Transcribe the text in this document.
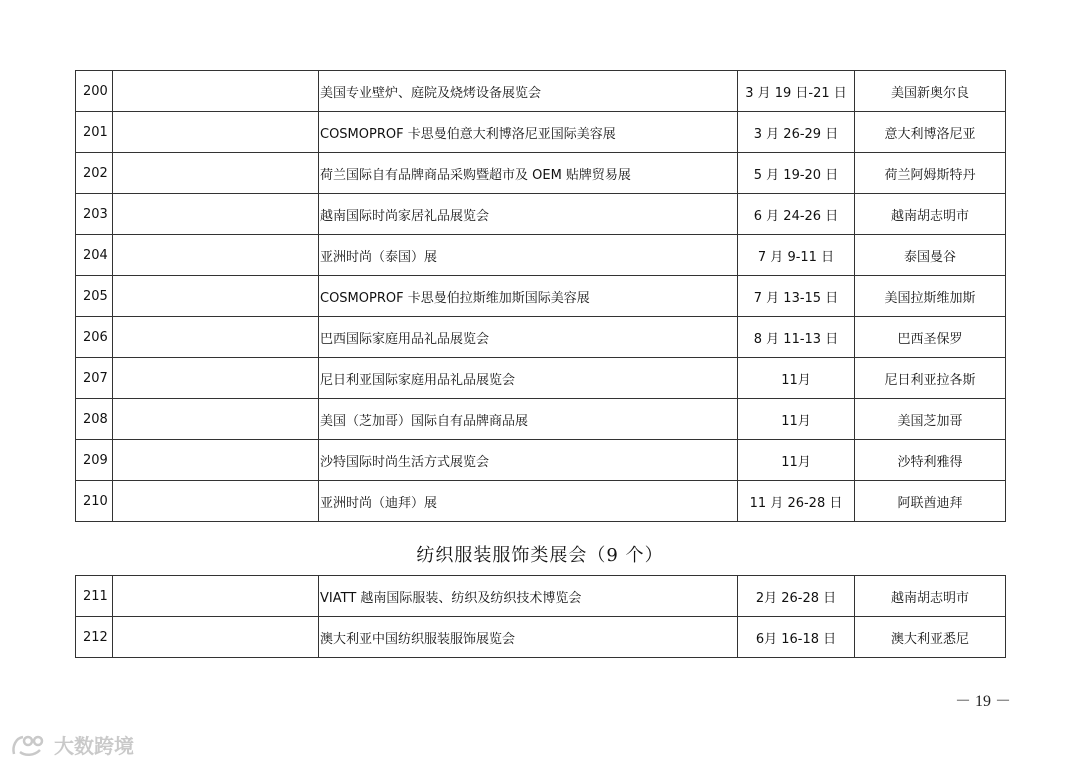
200		美国专业壁炉、庭院及烧烤设备展览会	3 月 19 日-21 日	美国新奥尔良
201		COSMOPROF 卡思曼伯意大利博洛尼亚国际美容展	3 月 26-29 日	意大利博洛尼亚
202		荷兰国际自有品牌商品采购暨超市及 OEM 贴牌贸易展	5 月 19-20 日	荷兰阿姆斯特丹
203		越南国际时尚家居礼品展览会	6 月 24-26 日	越南胡志明市
204		亚洲时尚（泰国）展	7 月 9-11 日	泰国曼谷
205		COSMOPROF 卡思曼伯拉斯维加斯国际美容展	7 月 13-15 日	美国拉斯维加斯
206		巴西国际家庭用品礼品展览会	8 月 11-13 日	巴西圣保罗
207		尼日利亚国际家庭用品礼品展览会	11月	尼日利亚拉各斯
208		美国（芝加哥）国际自有品牌商品展	11月	美国芝加哥
209		沙特国际时尚生活方式展览会	11月	沙特利雅得
210		亚洲时尚（迪拜）展	11 月 26-28 日	阿联酋迪拜
纺织服装服饰类展会（9 个）
211		VIATT 越南国际服装、纺织及纺织技术博览会	2月 26-28 日	越南胡志明市
212		澳大利亚中国纺织服装服饰展览会	6月 16-18 日	澳大利亚悉尼
－ 19 －
大数跨境
